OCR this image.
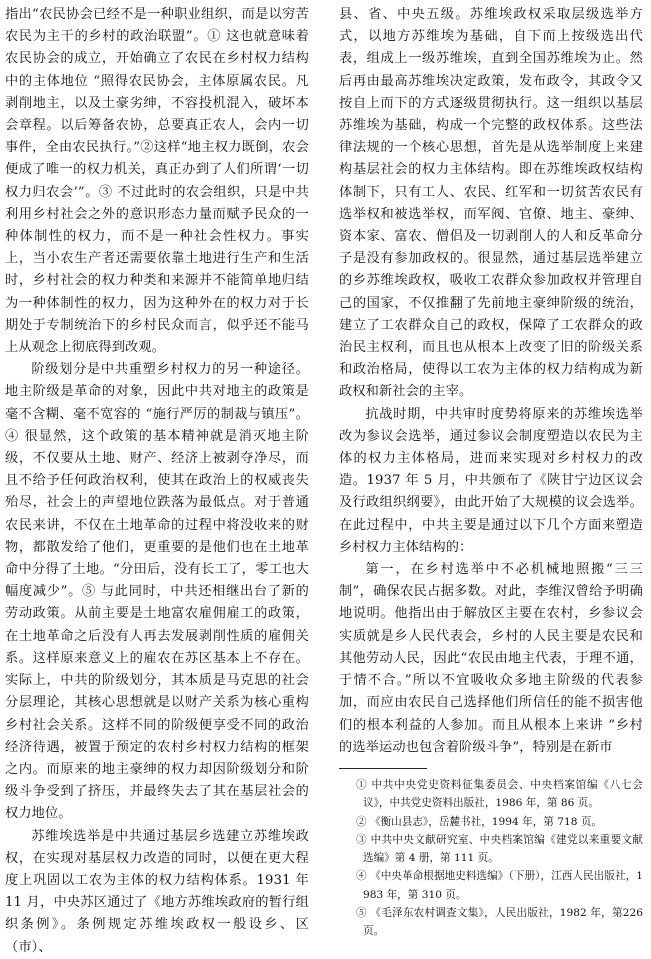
指出“农民协会已经不是一种职业组织，而是以穷苦农民为主干的乡村的政治联盟”。① 这也就意味着农民协会的成立，开始确立了农民在乡村权力结构中的主体地位 “照得农民协会，主体原属农民。凡剥削地主，以及土豪劣绅，不容投机混入，破坏本会章程。以后筹备农协，总要真正农人，会内一切事件，全由农民执行。”②这样“地主权力既倒，农会便成了唯一的权力机关，真正办到了人们所谓‘一切权力归农会’”。③ 不过此时的农会组织，只是中共利用乡村社会之外的意识形态力量而赋予民众的一种体制性的权力，而不是一种社会性权力。事实上，当小农生产者还需要依靠土地进行生产和生活时，乡村社会的权力种类和来源并不能简单地归结为一种体制性的权力，因为这种外在的权力对于长期处于专制统治下的乡村民众而言，似乎还不能马上从观念上彻底得到改观。

阶级划分是中共重塑乡村权力的另一种途径。地主阶级是革命的对象，因此中共对地主的政策是毫不含糊、毫不宽容的 “施行严厉的制裁与镇压”。④ 很显然，这个政策的基本精神就是消灭地主阶级，不仅要从土地、财产、经济上被剥夺净尽，而且不给予任何政治权利，使其在政治上的权威丧失殆尽，社会上的声望地位跌落为最低点。对于普通农民来讲，不仅在土地革命的过程中将没收来的财物，都散发给了他们，更重要的是他们也在土地革命中分得了土地。“分田后，没有长工了，零工也大幅度减少”。⑤ 与此同时，中共还相继出台了新的劳动政策。从前主要是土地富农雇佣雇工的政策，在土地革命之后没有人再去发展剥削性质的雇佣关系。这样原来意义上的雇农在苏区基本上不存在。实际上，中共的阶级划分，其本质是马克思的社会分层理论，其核心思想就是以财产关系为核心重构乡村社会关系。这样不同的阶级便享受不同的政治经济待遇，被置于预定的农村乡村权力结构的框架之内。而原来的地主豪绅的权力却因阶级划分和阶级斗争受到了挤压，并最终失去了其在基层社会的权力地位。

苏维埃选举是中共通过基层乡选建立苏维埃政权，在实现对基层权力改造的同时，以便在更大程度上巩固以工农为主体的权力结构体系。1931 年 11 月，中央苏区通过了《地方苏维埃政府的暂行组织条例》。条例规定苏维埃政权一般设乡、区（市）、

县、省、中央五级。苏维埃政权采取层级选举方式，以地方苏维埃为基础，自下而上按级选出代表，组成上一级苏维埃，直到全国苏维埃为止。然后再由最高苏维埃决定政策，发布政令，其政令又按自上而下的方式逐级贯彻执行。这一组织以基层苏维埃为基础，构成一个完整的政权体系。这些法律法规的一个核心思想，首先是从选举制度上来建构基层社会的权力主体结构。即在苏维埃政权结构体制下，只有工人、农民、红军和一切贫苦农民有选举权和被选举权，而军阀、官僚、地主、豪绅、资本家、富农、僧侣及一切剥削人的人和反革命分子是没有参加政权的。很显然，通过基层选举建立的乡苏维埃政权，吸收工农群众参加政权并管理自己的国家，不仅推翻了先前地主豪绅阶级的统治，建立了工农群众自己的政权，保障了工农群众的政治民主权利，而且也从根本上改变了旧的阶级关系和政治格局，使得以工农为主体的权力结构成为新政权和新社会的主宰。

抗战时期，中共审时度势将原来的苏维埃选举改为参议会选举，通过参议会制度塑造以农民为主体的权力主体格局，进而来实现对乡村权力的改造。1937 年 5 月，中共颁布了《陕甘宁边区议会及行政组织纲要》，由此开始了大规模的议会选举。在此过程中，中共主要是通过以下几个方面来塑造乡村权力主体结构的：

第一，在乡村选举中不必机械地照搬“三三制”，确保农民占据多数。对此，李维汉曾给予明确地说明。他指出由于解放区主要在农村，乡参议会实质就是乡人民代表会，乡村的人民主要是农民和其他劳动人民，因此“农民由地主代表，于理不通，于情不合。”所以不宜吸收众多地主阶级的代表参加，而应由农民自己选择他们所信任的能不损害他们的根本利益的人参加。而且从根本上来讲 “乡村的选举运动也包含着阶级斗争”，特别是在新市

① 中共中央党史资料征集委员会、中央档案馆编《八七会议》，中共党史资料出版社，1986 年，第 86 页。

② 《衡山县志》，岳麓书社，1994 年，第 718 页。

③ 中共中央文献研究室、中央档案馆编《建党以来重要文献选编》第 4 册，第 111 页。

④ 《中央革命根据地史料选编》（下册），江西人民出版社，1983 年，第 310 页。

⑤ 《毛泽东农村调查文集》，人民出版社，1982 年，第226 页。
